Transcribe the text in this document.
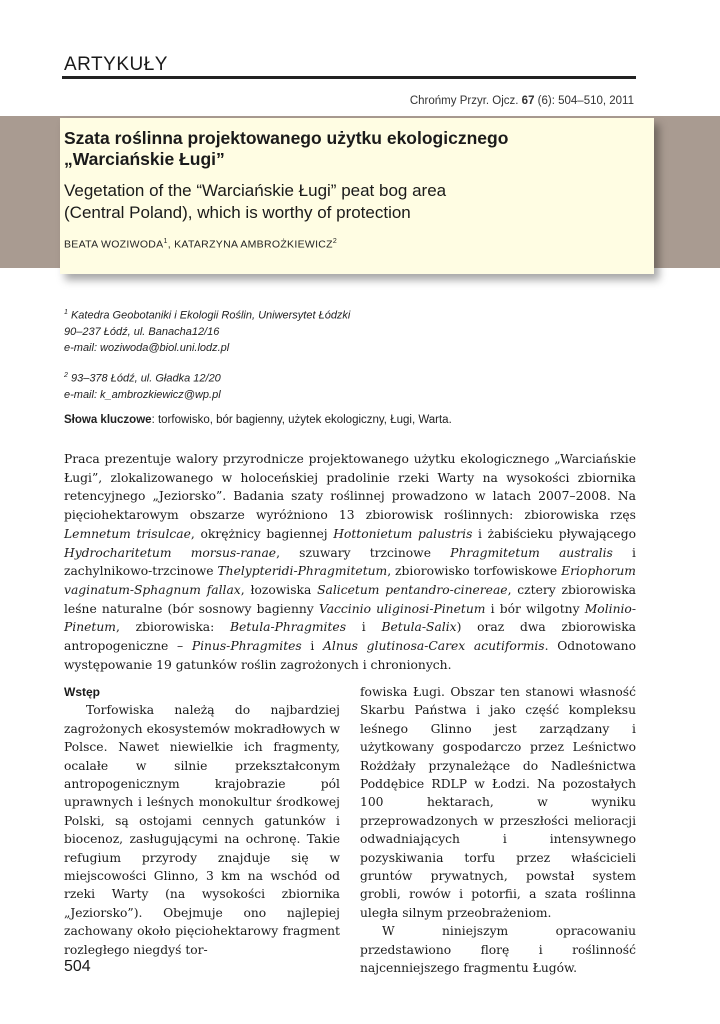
ARTYKUŁY
Chrońmy Przyr. Ojcz. 67 (6): 504–510, 2011

Szata roślinna projektowanego użytku ekologicznego
„Warciańskie Ługi”

Vegetation of the “Warciańskie Ługi” peat bog area
(Central Poland), which is worthy of protection

BEATA WOZIWODA$^1$, KATARZYNA AMBROŻKIEWICZ$^2$
$^1$ Katedra Geobotaniki i Ekologii Roślin, Uniwersytet Łódzki
90–237 Łódź, ul. Banacha12/16
e-mail: woziwoda@biol.uni.lodz.pl
$^2$ 93–378 Łódź, ul. Gładka 12/20
e-mail: k_ambrozkiewicz@wp.pl
Słowa kluczowe: torfowisko, bór bagienny, użytek ekologiczny, Ługi, Warta.
Praca prezentuje walory przyrodnicze projektowanego użytku ekologicznego „Warciańskie Ługi”, zlokalizowanego w holoceńskiej pradolinie rzeki Warty na wysokości zbiornika retencyjnego „Jeziorsko”. Badania szaty roślinnej prowadzono w latach 2007–2008. Na pięciohektarowym obszarze wyróżniono 13 zbiorowisk roślinnych: zbiorowiska rzęs Lemnetum trisulcae, okrężnicy bagiennej Hottonietum palustris i żabiścieku pływającego Hydrocharitetum morsus-ranae, szuwary trzcinowe Phragmitetum australis i zachylnikowo-trzcinowe Thelypteridi-Phragmitetum, zbiorowisko torfowiskowe Eriophorum vaginatum-Sphagnum fallax, łozowiska Salicetum pentandro-cinereae, cztery zbiorowiska leśne naturalne (bór sosnowy bagienny Vaccinio uliginosi-Pinetum i bór wilgotny Molinio-Pinetum, zbiorowiska: Betula-Phragmites i Betula-Salix) oraz dwa zbiorowiska antropogeniczne – Pinus-Phragmites i Alnus glutinosa-Carex acutiformis. Odnotowano występowanie 19 gatunków roślin zagrożonych i chronionych.

Wstęp

Torfowiska należą do najbardziej zagrożonych ekosystemów mokradłowych w Polsce. Nawet niewielkie ich fragmenty, ocalałe w silnie przekształconym antropogenicznym krajobrazie pól uprawnych i leśnych monokultur środkowej Polski, są ostojami cennych gatunków i biocenoz, zasługującymi na ochronę. Takie refugium przyrody znajduje się w miejscowości Glinno, 3 km na wschód od rzeki Warty (na wysokości zbiornika „Jeziorsko”). Obejmuje ono najlepiej zachowany około pięciohektarowy fragment rozległego niegdyś tor-

fowiska Ługi. Obszar ten stanowi własność Skarbu Państwa i jako część kompleksu leśnego Glinno jest zarządzany i użytkowany gospodarczo przez Leśnictwo Rożdżały przynależące do Nadleśnictwa Poddębice RDLP w Łodzi. Na pozostałych 100 hektarach, w wyniku przeprowadzonych w przeszłości melioracji odwadniających i intensywnego pozyskiwania torfu przez właścicieli gruntów prywatnych, powstał system grobli, rowów i potorfii, a szata roślinna uległa silnym przeobrażeniom.

W niniejszym opracowaniu przedstawiono florę i roślinność najcenniejszego fragmentu Ługów.

504
